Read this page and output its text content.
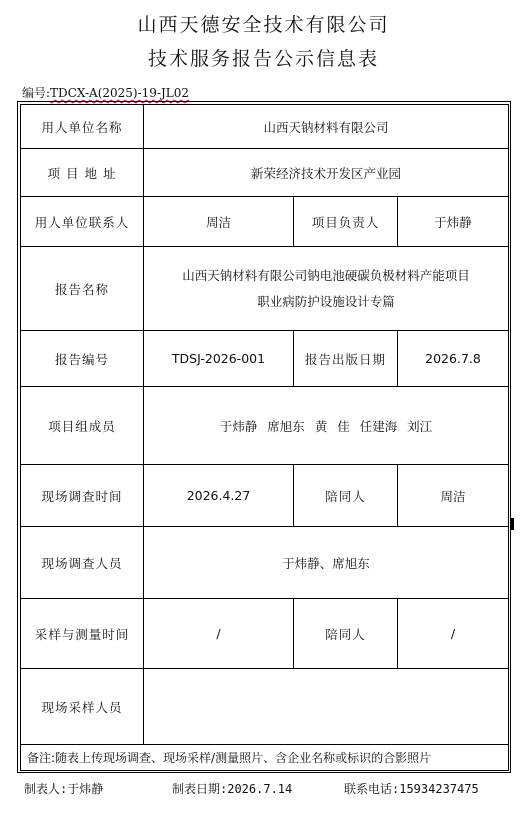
山西天德安全技术有限公司
技术服务报告公示信息表
编号:TDCX-A(2025)-19-JL02
用人单位名称	山西天钠材料有限公司		
项 目 地 址	新荣经济技术开发区产业园		
用人单位联系人	周洁	项目负责人	于炜静
报告名称	山西天钠材料有限公司钠电池硬碳负极材料产能项目
职业病防护设施设计专篇		

报告编号	TDSJ-2026-001	报告出版日期	2026.7.8
项目组成员	于炜静 席旭东 黄 佳 任建海 刘江		
现场调查时间	2026.4.27	陪同人	周洁
现场调查人员	于炜静、席旭东		
采样与测量时间	/	陪同人	/
现场采样人员			
备注:随表上传现场调查、现场采样/测量照片、含企业名称或标识的合影照片			
制表人:于炜静	制表日期:2026.7.14	联系电话:15934237475
